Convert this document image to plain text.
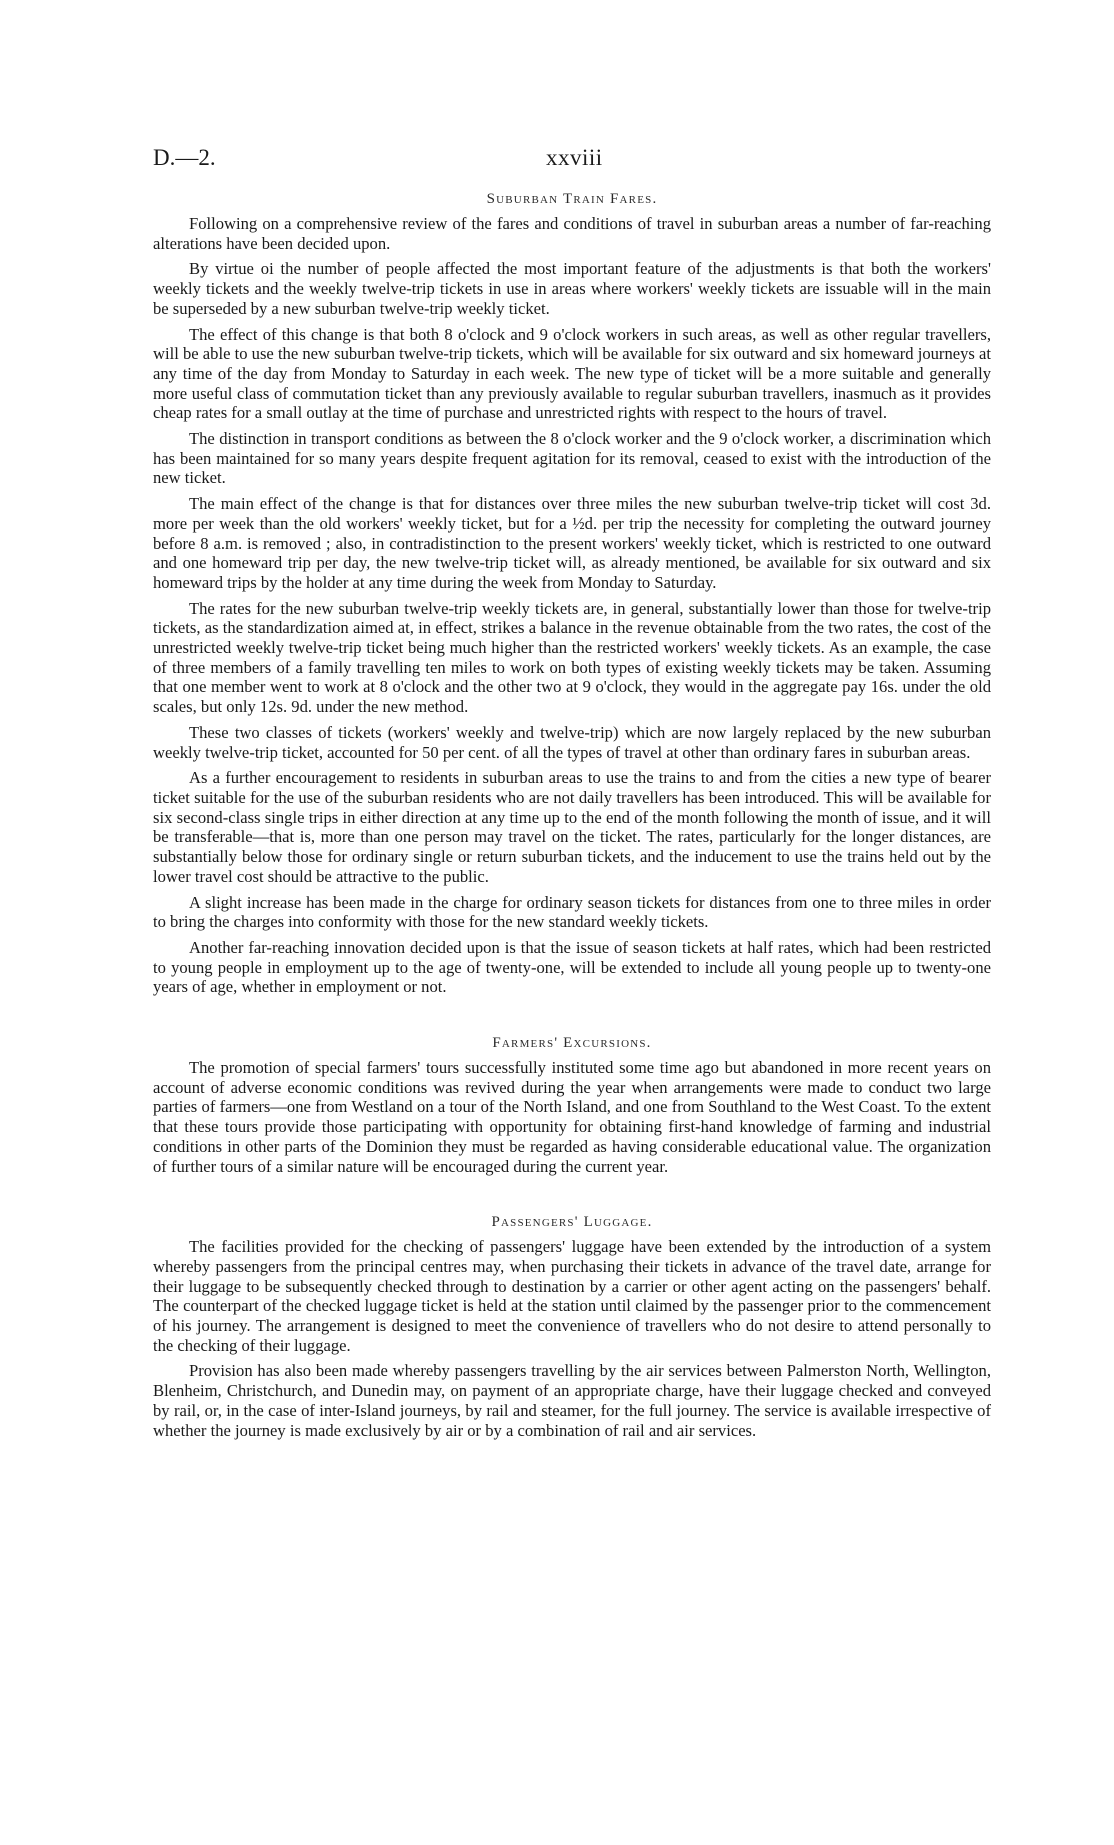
D.—2.	xxviii
Suburban Train Fares.

Following on a comprehensive review of the fares and conditions of travel in suburban areas a number of far-reaching alterations have been decided upon.

By virtue oi the number of people affected the most important feature of the adjustments is that both the workers' weekly tickets and the weekly twelve-trip tickets in use in areas where workers' weekly tickets are issuable will in the main be superseded by a new suburban twelve-trip weekly ticket.

The effect of this change is that both 8 o'clock and 9 o'clock workers in such areas, as well as other regular travellers, will be able to use the new suburban twelve-trip tickets, which will be available for six outward and six homeward journeys at any time of the day from Monday to Saturday in each week. The new type of ticket will be a more suitable and generally more useful class of commutation ticket than any previously available to regular suburban travellers, inasmuch as it provides cheap rates for a small outlay at the time of purchase and unrestricted rights with respect to the hours of travel.

The distinction in transport conditions as between the 8 o'clock worker and the 9 o'clock worker, a discrimination which has been maintained for so many years despite frequent agitation for its removal, ceased to exist with the introduction of the new ticket.

The main effect of the change is that for distances over three miles the new suburban twelve-trip ticket will cost 3d. more per week than the old workers' weekly ticket, but for a ½d. per trip the necessity for completing the outward journey before 8 a.m. is removed ; also, in contradistinction to the present workers' weekly ticket, which is restricted to one outward and one homeward trip per day, the new twelve-trip ticket will, as already mentioned, be available for six outward and six homeward trips by the holder at any time during the week from Monday to Saturday.

The rates for the new suburban twelve-trip weekly tickets are, in general, substantially lower than those for twelve-trip tickets, as the standardization aimed at, in effect, strikes a balance in the revenue obtainable from the two rates, the cost of the unrestricted weekly twelve-trip ticket being much higher than the restricted workers' weekly tickets. As an example, the case of three members of a family travelling ten miles to work on both types of existing weekly tickets may be taken. Assuming that one member went to work at 8 o'clock and the other two at 9 o'clock, they would in the aggregate pay 16s. under the old scales, but only 12s. 9d. under the new method.

These two classes of tickets (workers' weekly and twelve-trip) which are now largely replaced by the new suburban weekly twelve-trip ticket, accounted for 50 per cent. of all the types of travel at other than ordinary fares in suburban areas.

As a further encouragement to residents in suburban areas to use the trains to and from the cities a new type of bearer ticket suitable for the use of the suburban residents who are not daily travellers has been introduced. This will be available for six second-class single trips in either direction at any time up to the end of the month following the month of issue, and it will be transferable—that is, more than one person may travel on the ticket. The rates, particularly for the longer distances, are substantially below those for ordinary single or return suburban tickets, and the inducement to use the trains held out by the lower travel cost should be attractive to the public.

A slight increase has been made in the charge for ordinary season tickets for distances from one to three miles in order to bring the charges into conformity with those for the new standard weekly tickets.

Another far-reaching innovation decided upon is that the issue of season tickets at half rates, which had been restricted to young people in employment up to the age of twenty-one, will be extended to include all young people up to twenty-one years of age, whether in employment or not.

Farmers' Excursions.

The promotion of special farmers' tours successfully instituted some time ago but abandoned in more recent years on account of adverse economic conditions was revived during the year when arrangements were made to conduct two large parties of farmers—one from Westland on a tour of the North Island, and one from Southland to the West Coast. To the extent that these tours provide those participating with opportunity for obtaining first-hand knowledge of farming and industrial conditions in other parts of the Dominion they must be regarded as having considerable educational value. The organization of further tours of a similar nature will be encouraged during the current year.

Passengers' Luggage.

The facilities provided for the checking of passengers' luggage have been extended by the introduction of a system whereby passengers from the principal centres may, when purchasing their tickets in advance of the travel date, arrange for their luggage to be subsequently checked through to destination by a carrier or other agent acting on the passengers' behalf. The counterpart of the checked luggage ticket is held at the station until claimed by the passenger prior to the commencement of his journey. The arrangement is designed to meet the convenience of travellers who do not desire to attend personally to the checking of their luggage.

Provision has also been made whereby passengers travelling by the air services between Palmerston North, Wellington, Blenheim, Christchurch, and Dunedin may, on payment of an appropriate charge, have their luggage checked and conveyed by rail, or, in the case of inter-Island journeys, by rail and steamer, for the full journey. The service is available irrespective of whether the journey is made exclusively by air or by a combination of rail and air services.
